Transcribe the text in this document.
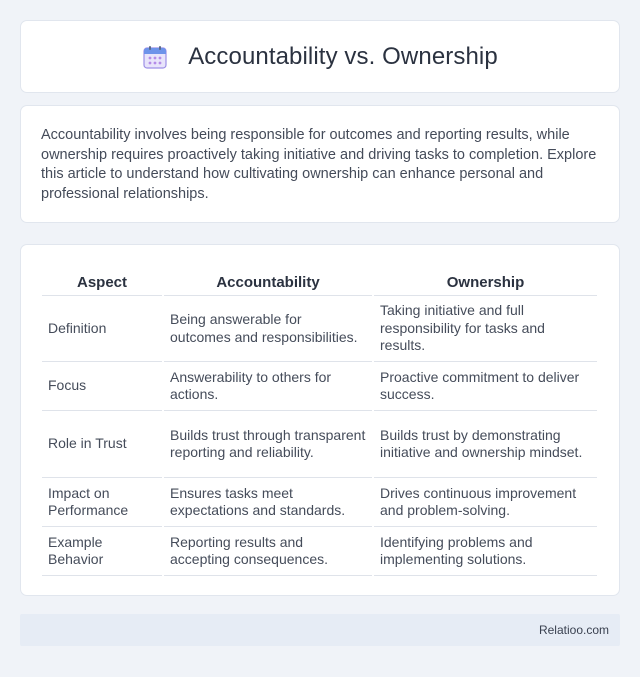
Accountability vs. Ownership

Accountability involves being responsible for outcomes and reporting results, while ownership requires proactively taking initiative and driving tasks to completion. Explore this article to understand how cultivating ownership can enhance personal and professional relationships.

Aspect	Accountability	Ownership
Definition	Being answerable for outcomes and responsibilities.	Taking initiative and full responsibility for tasks and results.
Focus	Answerability to others for actions.	Proactive commitment to deliver success.
Role in Trust	Builds trust through transparent reporting and reliability.	Builds trust by demonstrating initiative and ownership mindset.
Impact on Performance	Ensures tasks meet expectations and standards.	Drives continuous improvement and problem-solving.
Example Behavior	Reporting results and accepting consequences.	Identifying problems and implementing solutions.
Relatioo.com
